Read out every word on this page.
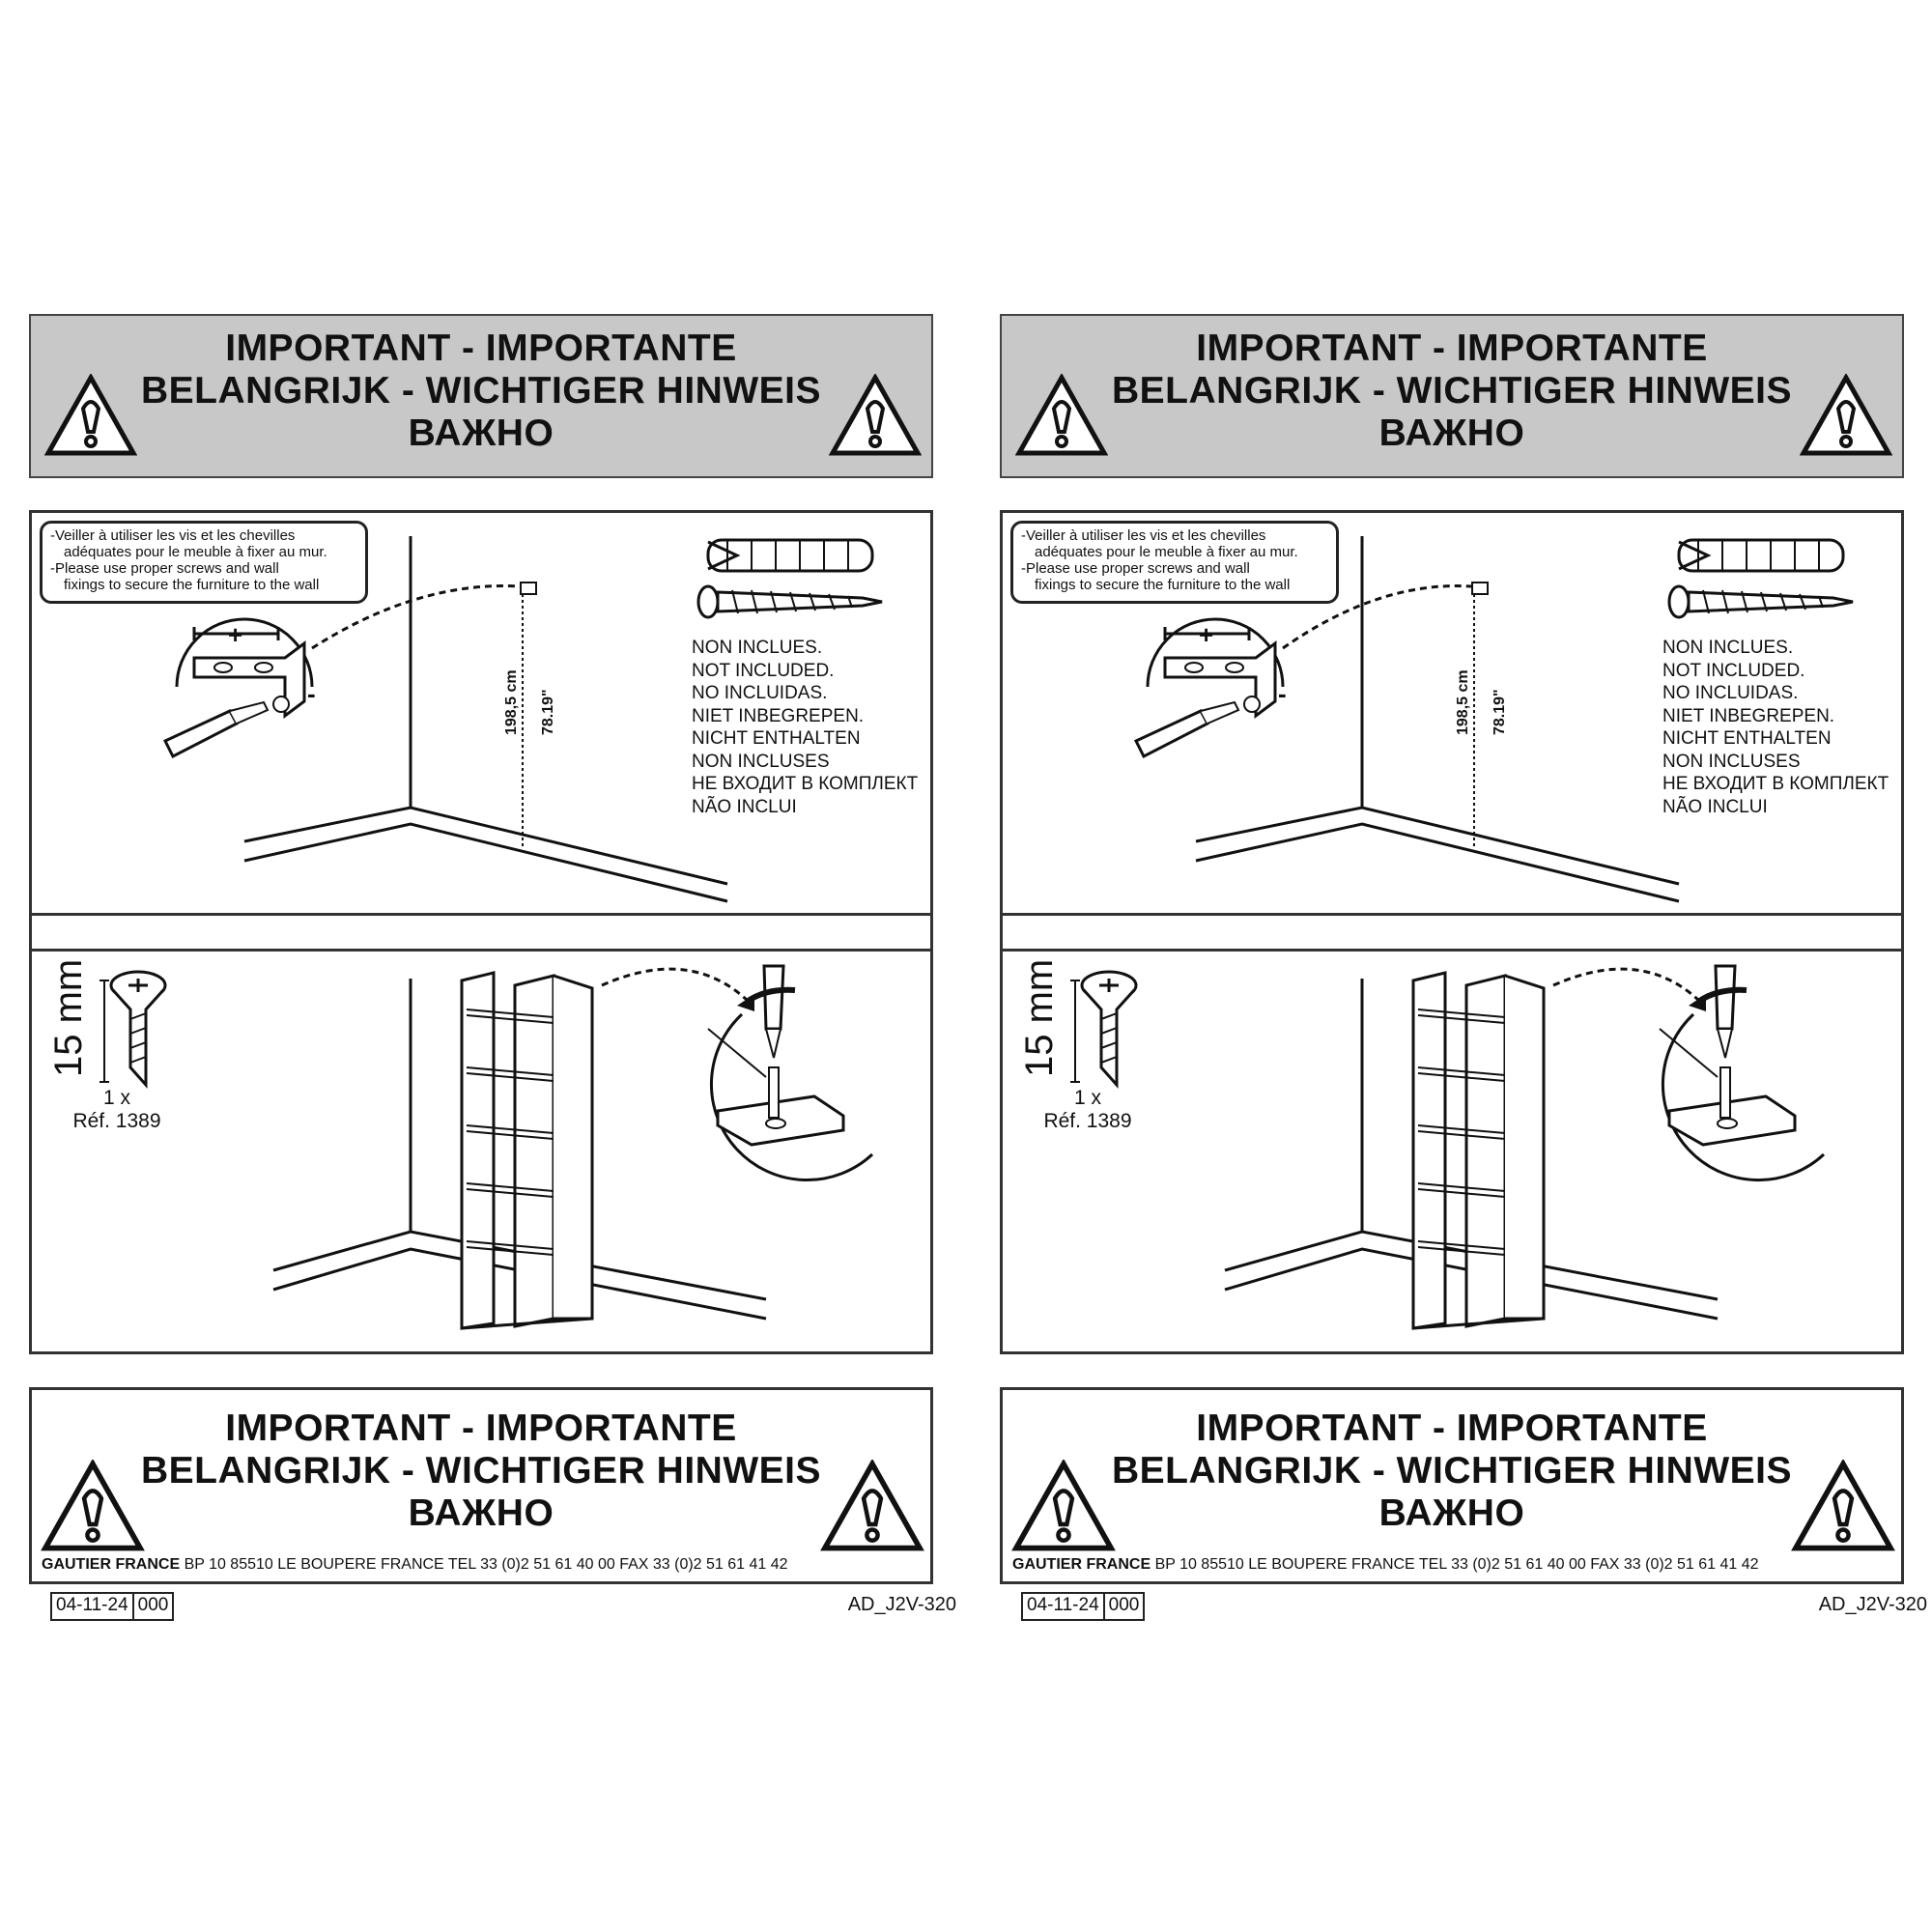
IMPORTANT - IMPORTANTE
BELANGRIJK - WICHTIGER HINWEIS
ВАЖНО
-Veiller à utiliser les vis et les chevilles
adéquates pour le meuble à fixer au mur.
-Please use proper screws and wall
fixings to secure the furniture to the wall
+
-	198,5 cm 78.19"
NON INCLUES.
NOT INCLUDED.
NO INCLUIDAS.
NIET INBEGREPEN.
NICHT ENTHALTEN
NON INCLUSES
НЕ ВХОДИТ В КОМПЛЕКТ
NÃO INCLUI
15 mm
1 x
Réf. 1389
IMPORTANT - IMPORTANTE
BELANGRIJK - WICHTIGER HINWEIS
ВАЖНО
GAUTIER FRANCE BP 10 85510 LE BOUPERE FRANCE TEL 33 (0)2 51 61 40 00 FAX 33 (0)2 51 61 41 42
04-11-24 000	AD_J2V-320
IMPORTANT - IMPORTANTE
BELANGRIJK - WICHTIGER HINWEIS
ВАЖНО
-Veiller à utiliser les vis et les chevilles
adéquates pour le meuble à fixer au mur.
-Please use proper screws and wall
fixings to secure the furniture to the wall
+
-	198,5 cm 78.19"
NON INCLUES.
NOT INCLUDED.
NO INCLUIDAS.
NIET INBEGREPEN.
NICHT ENTHALTEN
NON INCLUSES
НЕ ВХОДИТ В КОМПЛЕКТ
NÃO INCLUI
15 mm
1 x
Réf. 1389
IMPORTANT - IMPORTANTE
BELANGRIJK - WICHTIGER HINWEIS
ВАЖНО
GAUTIER FRANCE BP 10 85510 LE BOUPERE FRANCE TEL 33 (0)2 51 61 40 00 FAX 33 (0)2 51 61 41 42
04-11-24 000	AD_J2V-320
